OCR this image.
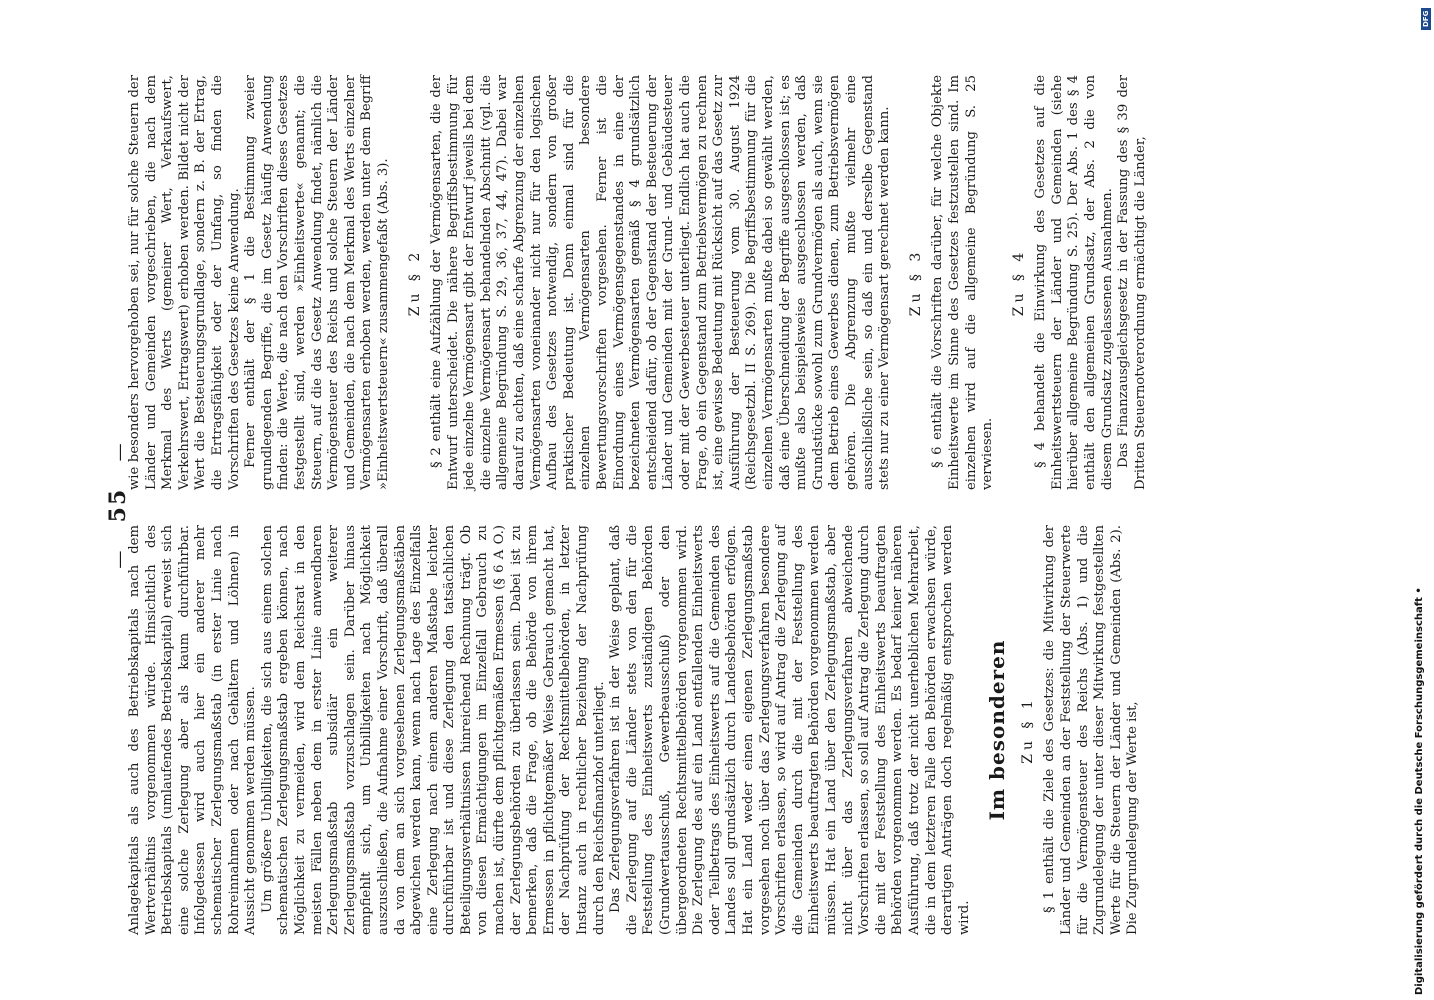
— 55 —

Anlagekapitals als auch des Betriebskapitals nach dem Wertverhältnis vorgenommen würde. Hinsichtlich des Betriebskapitals (umlaufendes Betriebskapital) erweist sich eine solche Zerlegung aber als kaum durchführbar. Infolgedessen wird auch hier ein anderer mehr schematischer Zerlegungsmaßstab (in erster Linie nach Rohreinnahmen oder nach Gehältern und Löhnen) in Aussicht genommen werden müssen. Um größere Unbilligkeiten, die sich aus einem solchen schematischen Zerlegungsmaßstab ergeben können, nach Möglichkeit zu vermeiden, wird dem Reichsrat in den meisten Fällen neben dem in erster Linie anwendbaren Zerlegungsmaßstab subsidiär ein weiterer Zerlegungsmaßstab vorzuschlagen sein. Darüber hinaus empfiehlt sich, um Unbilligkeiten nach Möglichkeit auszuschließen, die Aufnahme einer Vorschrift, daß überall da von dem an sich vorgesehenen Zerlegungsmaßstäben abgewichen werden kann, wenn nach Lage des Einzelfalls eine Zerlegung nach einem anderen Maßstabe leichter durchführbar ist und diese Zerlegung den tatsächlichen Beteiligungsverhältnissen hinreichend Rechnung trägt. Ob von diesen Ermächtigungen im Einzelfall Gebrauch zu machen ist, dürfte dem pflichtgemäßen Ermessen (§ 6 A O.) der Zerlegungsbehörden zu überlassen sein. Dabei ist zu bemerken, daß die Frage, ob die Behörde von ihrem Ermessen in pflichtgemäßer Weise Gebrauch gemacht hat, der Nachprüfung der Rechtsmittelbehörden, in letzter Instanz auch in rechtlicher Beziehung der Nachprüfung durch den Reichsfinanzhof unterliegt. Das Zerlegungsverfahren ist in der Weise geplant, daß die Zerlegung auf die Länder stets von den für die Feststellung des Einheitswerts zuständigen Behörden (Grundwertausschuß, Gewerbeausschuß) oder den übergeordneten Rechtsmittelbehörden vorgenommen wird. Die Zerlegung des auf ein Land entfallenden Einheitswerts oder Teilbetrags des Einheitswerts auf die Gemeinden des Landes soll grundsätzlich durch Landesbehörden erfolgen. Hat ein Land weder einen eigenen Zerlegungsmaßstab vorgesehen noch über das Zerlegungsverfahren besondere Vorschriften erlassen, so wird auf Antrag die Zerlegung auf die Gemeinden durch die mit der Feststellung des Einheitswerts beauftragten Behörden vorgenommen werden müssen. Hat ein Land über den Zerlegungsmaßstab, aber nicht über das Zerlegungsverfahren abweichende Vorschriften erlassen, so soll auf Antrag die Zerlegung durch die mit der Feststellung des Einheitswerts beauftragten Behörden vorgenommen werden. Es bedarf keiner näheren Ausführung, daß trotz der nicht unerheblichen Mehrarbeit, die in dem letzteren Falle den Behörden erwachsen würde, derartigen Anträgen doch regelmäßig entsprochen werden wird.

Im besonderen Zu § 1 § 1 enthält die Ziele des Gesetzes: die Mitwirkung der Länder und Gemeinden an der Feststellung der Steuerwerte für die Vermögensteuer des Reichs (Abs. 1) und die Zugrundelegung der unter dieser Mitwirkung festgestellten Werte für die Steuern der Länder und Gemeinden (Abs. 2). Die Zugrundelegung der Werte ist,

wie besonders hervorgehoben sei, nur für solche Steuern der Länder und Gemeinden vorgeschrieben, die nach dem Merkmal des Werts (gemeiner Wert, Verkaufswert, Verkehrswert, Ertragswert) erhoben werden. Bildet nicht der Wert die Besteuerungsgrundlage, sondern z. B. der Ertrag, die Ertragsfähigkeit oder der Umfang, so finden die Vorschriften des Gesetzes keine Anwendung. Ferner enthält der § 1 die Bestimmung zweier grundlegenden Begriffe, die im Gesetz häufig Anwendung finden: die Werte, die nach den Vorschriften dieses Gesetzes festgestellt sind, werden »Einheitswerte« genannt; die Steuern, auf die das Gesetz Anwendung findet, nämlich die Vermögensteuer des Reichs und solche Steuern der Länder und Gemeinden, die nach dem Merkmal des Werts einzelner Vermögensarten erhoben werden, werden unter dem Begriff »Einheitswertsteuern« zusammengefaßt (Abs. 3). Zu § 2 § 2 enthält eine Aufzählung der Vermögensarten, die der Entwurf unterscheidet. Die nähere Begriffsbestimmung für jede einzelne Vermögensart gibt der Entwurf jeweils bei dem die einzelne Vermögensart behandelnden Abschnitt (vgl. die allgemeine Begründung S. 29, 36, 37, 44, 47). Dabei war darauf zu achten, daß eine scharfe Abgrenzung der einzelnen Vermögensarten voneinander nicht nur für den logischen Aufbau des Gesetzes notwendig, sondern von großer praktischer Bedeutung ist. Denn einmal sind für die einzelnen Vermögensarten besondere Bewertungsvorschriften vorgesehen. Ferner ist die Einordnung eines Vermögensgegenstandes in eine der bezeichneten Vermögensarten gemäß § 4 grundsätzlich entscheidend dafür, ob der Gegenstand der Besteuerung der Länder und Gemeinden mit der Grund- und Gebäudesteuer oder mit der Gewerbesteuer unterliegt. Endlich hat auch die Frage, ob ein Gegenstand zum Betriebsvermögen zu rechnen ist, eine gewisse Bedeutung mit Rücksicht auf das Gesetz zur Ausführung der Besteuerung vom 30. August 1924 (Reichsgesetzbl. II S. 269). Die Begriffsbestimmung für die einzelnen Vermögensarten mußte dabei so gewählt werden, daß eine Überschneidung der Begriffe ausgeschlossen ist; es mußte also beispielsweise ausgeschlossen werden, daß Grundstücke sowohl zum Grundvermögen als auch, wenn sie dem Betrieb eines Gewerbes dienen, zum Betriebsvermögen gehören. Die Abgrenzung mußte vielmehr eine ausschließliche sein, so daß ein und derselbe Gegenstand stets nur zu einer Vermögensart gerechnet werden kann. Zu § 3 § 6 enthält die Vorschriften darüber, für welche Objekte Einheitswerte im Sinne des Gesetzes festzustellen sind. Im einzelnen wird auf die allgemeine Begründung S. 25 verwiesen.

Zu § 4 § 4 behandelt die Einwirkung des Gesetzes auf die Einheitswertsteuern der Länder und Gemeinden (siehe hierüber allgemeine Begründung S. 25). Der Abs. 1 des § 4 enthält den allgemeinen Grundsatz, der Abs. 2 die von diesem Grundsatz zugelassenen Ausnahmen. Das Finanzausgleichsgesetz in der Fassung des § 39 der Dritten Steuernotverordnung ermächtigt die Länder,

Digitalisierung gefördert durch die Deutsche Forschungsgemeinschaft •
DFG
